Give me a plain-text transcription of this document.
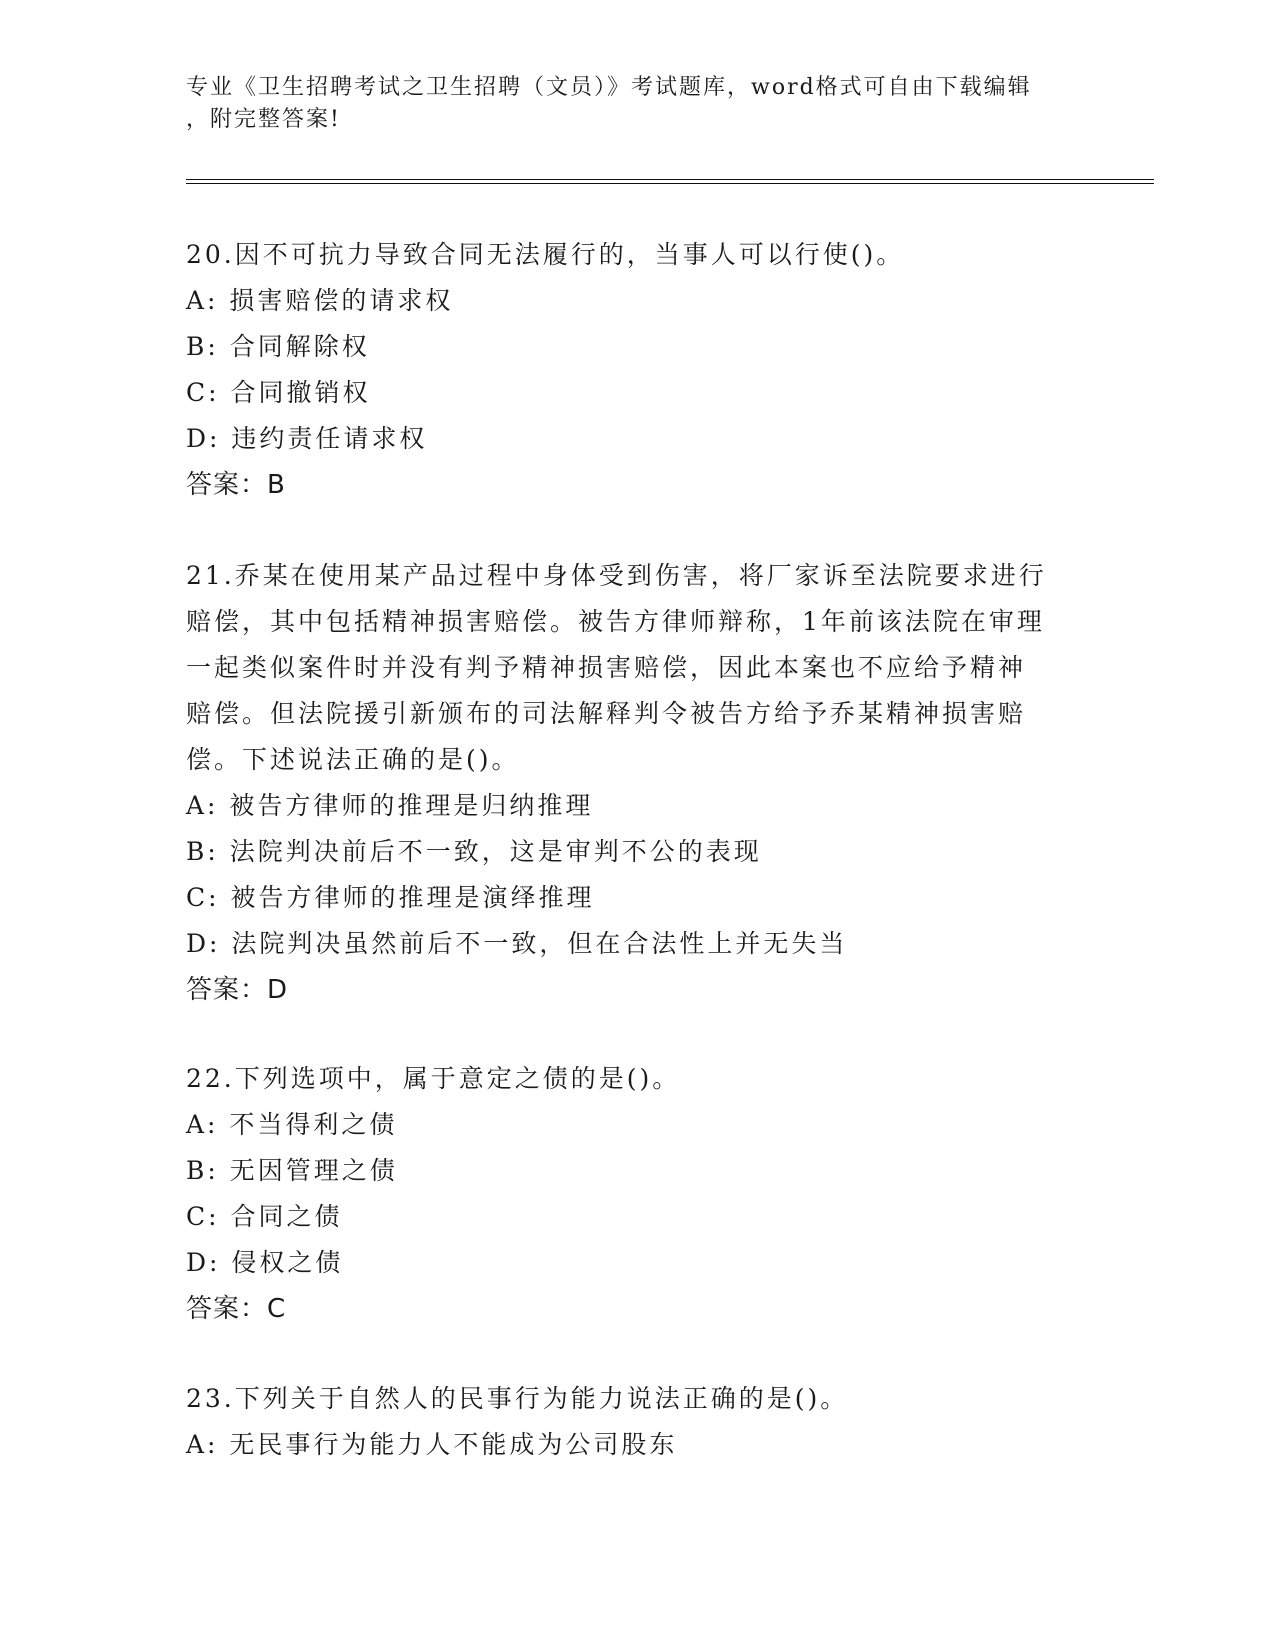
专业《卫生招聘考试之卫生招聘（文员）》考试题库，word格式可自由下载编辑
，附完整答案!

20.因不可抗力导致合同无法履行的，当事人可以行使()。

A: 损害赔偿的请求权

B: 合同解除权

C: 合同撤销权

D: 违约责任请求权

答案：B

21.乔某在使用某产品过程中身体受到伤害，将厂家诉至法院要求进行

赔偿，其中包括精神损害赔偿。被告方律师辩称，1年前该法院在审理

一起类似案件时并没有判予精神损害赔偿，因此本案也不应给予精神

赔偿。但法院援引新颁布的司法解释判令被告方给予乔某精神损害赔

偿。下述说法正确的是()。

A: 被告方律师的推理是归纳推理

B: 法院判决前后不一致，这是审判不公的表现

C: 被告方律师的推理是演绎推理

D: 法院判决虽然前后不一致，但在合法性上并无失当

答案：D

22.下列选项中，属于意定之债的是()。

A: 不当得利之债

B: 无因管理之债

C: 合同之债

D: 侵权之债

答案：C

23.下列关于自然人的民事行为能力说法正确的是()。

A: 无民事行为能力人不能成为公司股东
